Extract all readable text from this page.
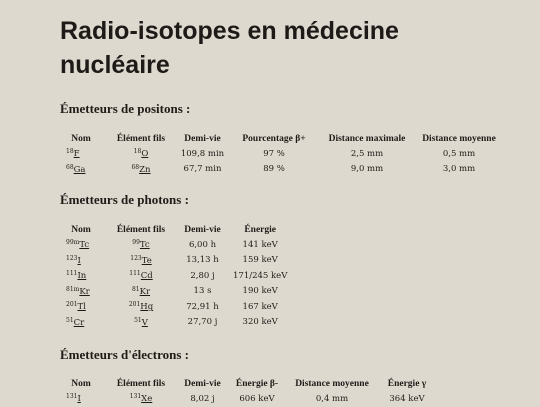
Radio-isotopes en médecine
nucléaire
Émetteurs de positons :
Nom	Élément fils	Demi-vie	Pourcentage β+	Distance maximale	Distance moyenne
$^{18}$F	$^{18}$O	109,8 min	97 %	2,5 mm	0,5 mm
$^{68}$Ga	$^{68}$Zn	67,7 min	89 %	9,0 mm	3,0 mm
Émetteurs de photons :
Nom	Élément fils	Demi-vie	Énergie
$^{99m}$Tc	$^{99}$Tc	6,00 h	141 keV
$^{123}$I	$^{123}$Te	13,13 h	159 keV
$^{111}$In	$^{111}$Cd	2,80 j	171/245 keV
$^{81m}$Kr	$^{81}$Kr	13 s	190 keV
$^{201}$Tl	$^{201}$Hg	72,91 h	167 keV
$^{51}$Cr	$^{51}$V	27,70 j	320 keV
Émetteurs d'électrons :
Nom	Élément fils	Demi-vie	Énergie β-	Distance moyenne	Énergie γ
$^{131}$I	$^{131}$Xe	8,02 j	606 keV	0,4 mm	364 keV
